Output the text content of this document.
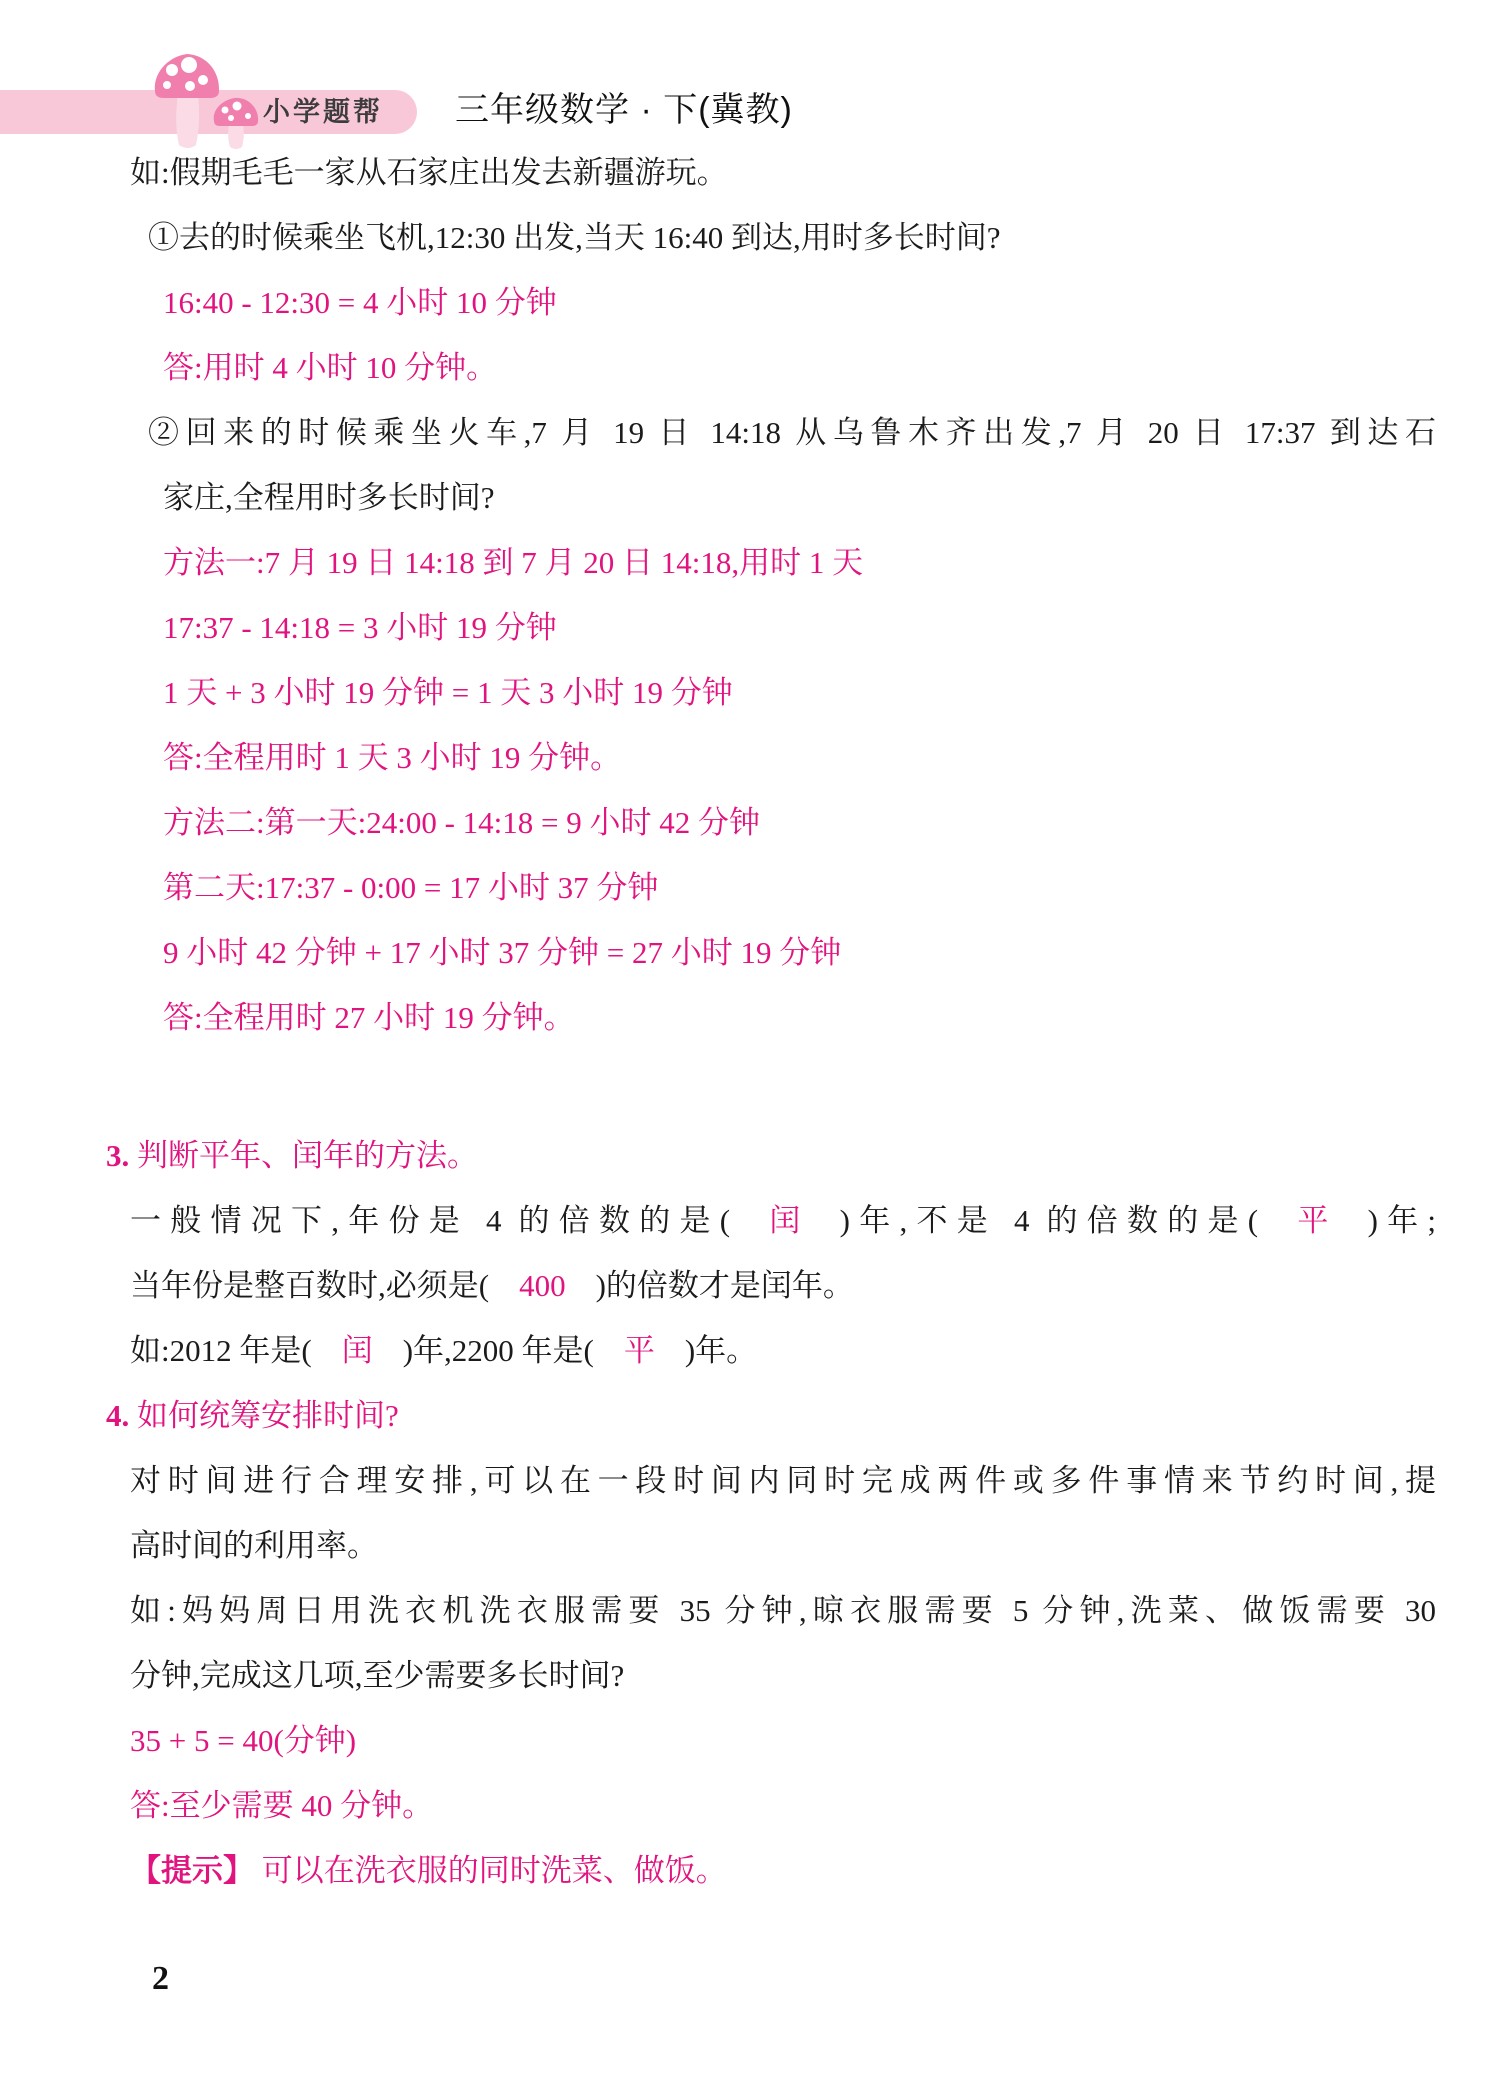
小学题帮 三年级数学 · 下(冀教)
如:假期毛毛一家从石家庄出发去新疆游玩。
①去的时候乘坐飞机,12:30 出发,当天 16:40 到达,用时多长时间?
16:40 - 12:30 = 4 小时 10 分钟
答:用时 4 小时 10 分钟。
②回来的时候乘坐火车,7 月 19 日 14:18 从乌鲁木齐出发,7 月 20 日 17:37 到达石
家庄,全程用时多长时间?
方法一:7 月 19 日 14:18 到 7 月 20 日 14:18,用时 1 天
17:37 - 14:18 = 3 小时 19 分钟
1 天 + 3 小时 19 分钟 = 1 天 3 小时 19 分钟
答:全程用时 1 天 3 小时 19 分钟。
方法二:第一天:24:00 - 14:18 = 9 小时 42 分钟
第二天:17:37 - 0:00 = 17 小时 37 分钟
9 小时 42 分钟 + 17 小时 37 分钟 = 27 小时 19 分钟
答:全程用时 27 小时 19 分钟。
3. 判断平年、闰年的方法。
一般情况下,年份是 4 的倍数的是( 闰 )年,不是 4 的倍数的是( 平 )年;
当年份是整百数时,必须是( 400 )的倍数才是闰年。
如:2012 年是( 闰 )年,2200 年是( 平 )年。
4. 如何统筹安排时间?
对时间进行合理安排,可以在一段时间内同时完成两件或多件事情来节约时间,提
高时间的利用率。
如:妈妈周日用洗衣机洗衣服需要 35 分钟,晾衣服需要 5 分钟,洗菜、做饭需要 30
分钟,完成这几项,至少需要多长时间?
35 + 5 = 40(分钟)
答:至少需要 40 分钟。
【提示】 可以在洗衣服的同时洗菜、做饭。
2
